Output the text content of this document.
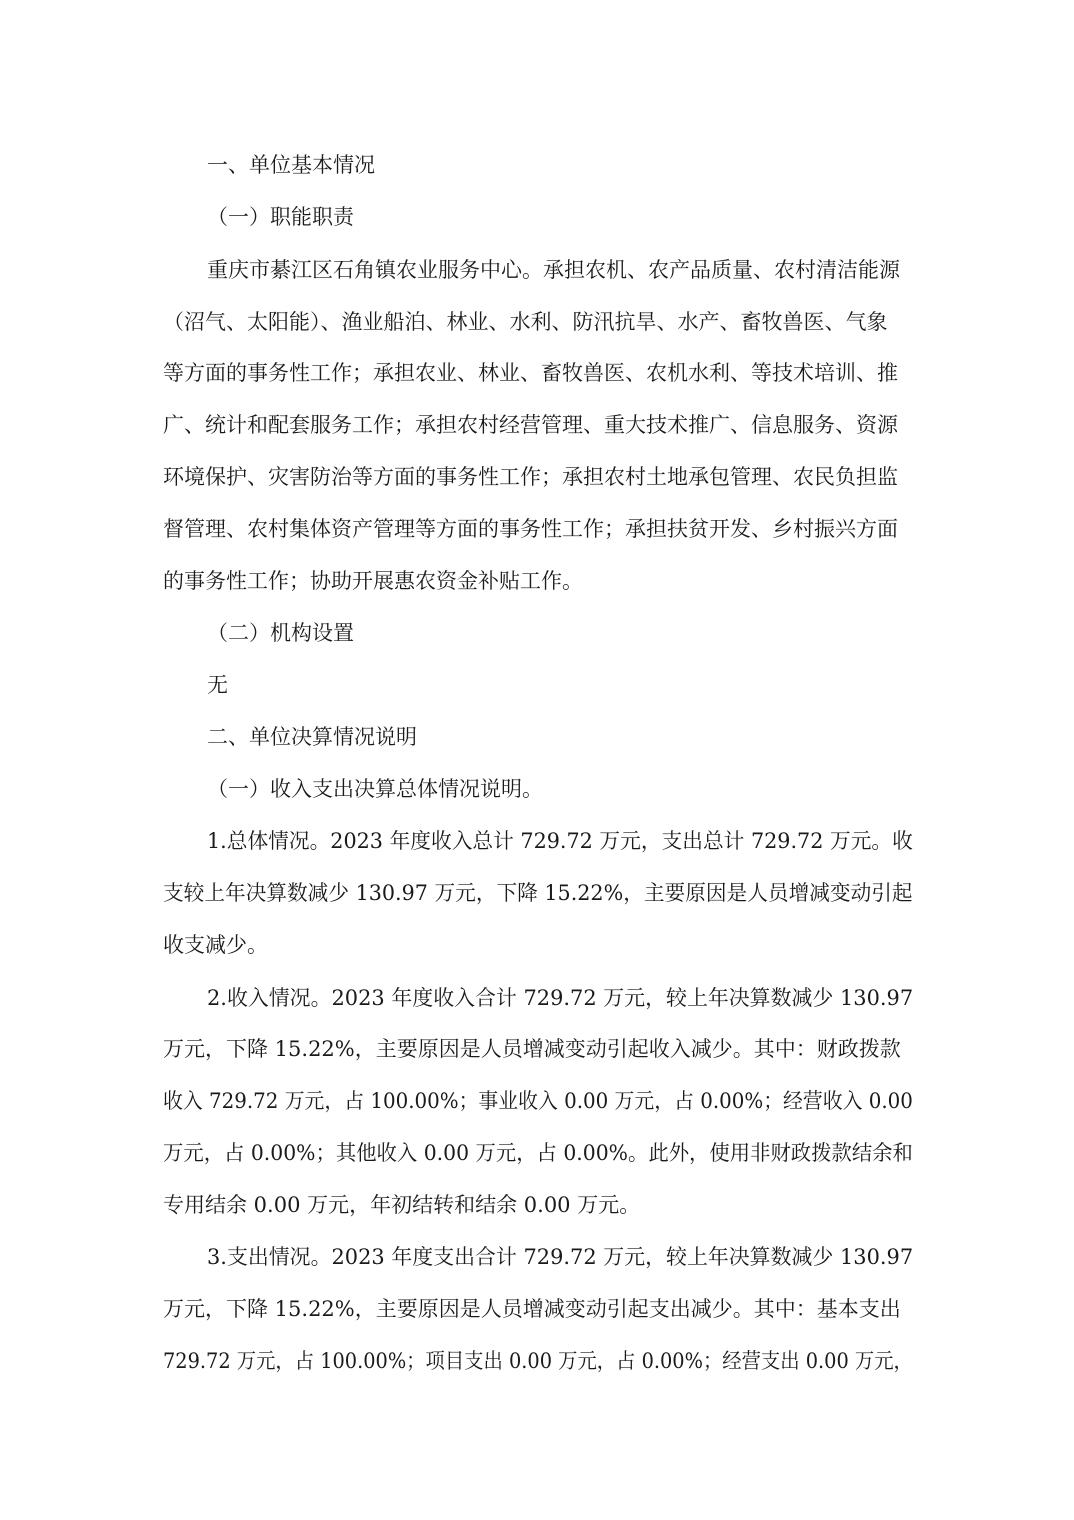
一、单位基本情况
（一）职能职责
重庆市綦江区石角镇农业服务中心。承担农机、农产品质量、农村清洁能源
（沼气、太阳能）、渔业船泊、林业、水利、防汛抗旱、水产、畜牧兽医、气象
等方面的事务性工作；承担农业、林业、畜牧兽医、农机水利、等技术培训、推
广、统计和配套服务工作；承担农村经营管理、重大技术推广、信息服务、资源
环境保护、灾害防治等方面的事务性工作；承担农村土地承包管理、农民负担监
督管理、农村集体资产管理等方面的事务性工作；承担扶贫开发、乡村振兴方面
的事务性工作；协助开展惠农资金补贴工作。
（二）机构设置
无
二、单位决算情况说明
（一）收入支出决算总体情况说明。
1.总体情况。2023 年度收入总计 729.72 万元，支出总计 729.72 万元。收
支较上年决算数减少 130.97 万元，下降 15.22%，主要原因是人员增减变动引起
收支减少。
2.收入情况。2023 年度收入合计 729.72 万元，较上年决算数减少 130.97
万元，下降 15.22%，主要原因是人员增减变动引起收入减少。其中：财政拨款
收入 729.72 万元，占 100.00%；事业收入 0.00 万元，占 0.00%；经营收入 0.00
万元，占 0.00%；其他收入 0.00 万元，占 0.00%。此外，使用非财政拨款结余和
专用结余 0.00 万元，年初结转和结余 0.00 万元。
3.支出情况。2023 年度支出合计 729.72 万元，较上年决算数减少 130.97
万元，下降 15.22%，主要原因是人员增减变动引起支出减少。其中：基本支出
729.72 万元，占 100.00%；项目支出 0.00 万元，占 0.00%；经营支出 0.00 万元，
